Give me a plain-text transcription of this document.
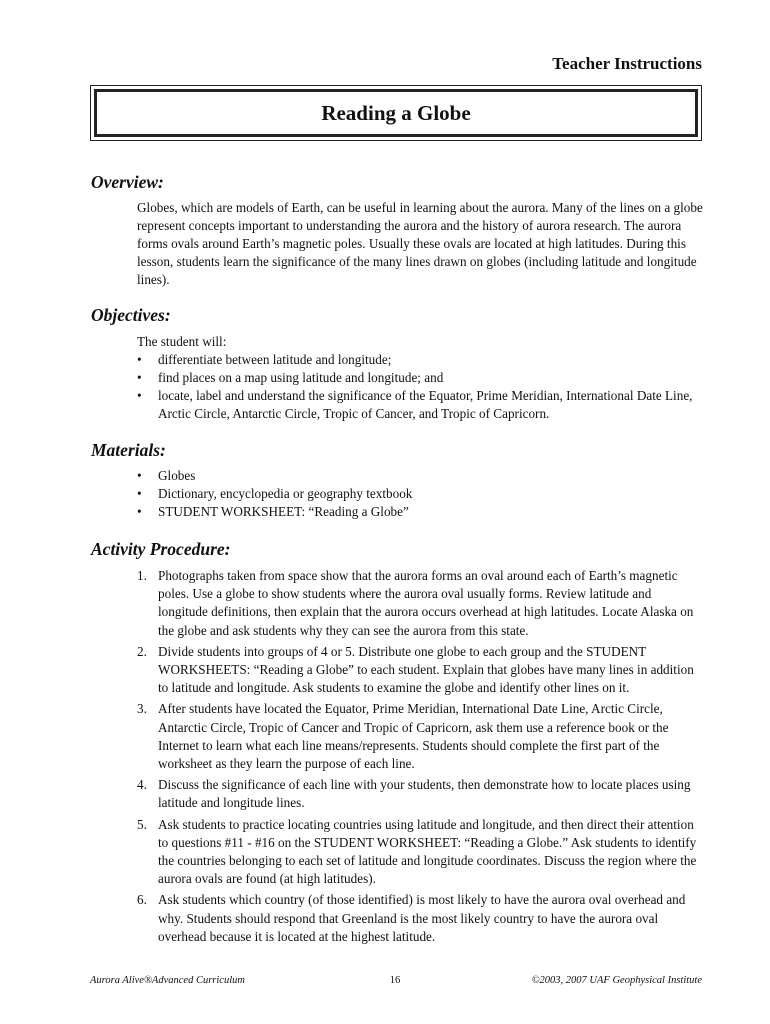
Teacher Instructions
Reading a Globe
Overview:
Globes, which are models of Earth, can be useful in learning about the aurora. Many of the lines on a globe represent concepts important to understanding the aurora and the history of aurora research. The aurora forms ovals around Earth’s magnetic poles. Usually these ovals are located at high latitudes. During this lesson, students learn the significance of the many lines drawn on globes (including latitude and longitude lines).
Objectives:
The student will:
• differentiate between latitude and longitude;
• find places on a map using latitude and longitude; and
• locate, label and understand the significance of the Equator, Prime Meridian, International Date Line, Arctic Circle, Antarctic Circle, Tropic of Cancer, and Tropic of Capricorn.
Materials:
• Globes
• Dictionary, encyclopedia or geography textbook
• STUDENT WORKSHEET: “Reading a Globe”
Activity Procedure:
1. Photographs taken from space show that the aurora forms an oval around each of Earth’s magnetic poles. Use a globe to show students where the aurora oval usually forms. Review latitude and longitude definitions, then explain that the aurora occurs overhead at high latitudes. Locate Alaska on the globe and ask students why they can see the aurora from this state.
2. Divide students into groups of 4 or 5. Distribute one globe to each group and the STUDENT WORKSHEETS: “Reading a Globe” to each student. Explain that globes have many lines in addition to latitude and longitude. Ask students to examine the globe and identify other lines on it.
3. After students have located the Equator, Prime Meridian, International Date Line, Arctic Circle, Antarctic Circle, Tropic of Cancer and Tropic of Capricorn, ask them use a reference book or the Internet to learn what each line means/represents. Students should complete the first part of the worksheet as they learn the purpose of each line.
4. Discuss the significance of each line with your students, then demonstrate how to locate places using latitude and longitude lines.
5. Ask students to practice locating countries using latitude and longitude, and then direct their attention to questions #11 - #16 on the STUDENT WORKSHEET: “Reading a Globe.” Ask students to identify the countries belonging to each set of latitude and longitude coordinates. Discuss the region where the aurora ovals are found (at high latitudes).
6. Ask students which country (of those identified) is most likely to have the aurora oval overhead and why. Students should respond that Greenland is the most likely country to have the aurora oval overhead because it is located at the highest latitude.
Aurora Alive®Advanced Curriculum	16	©2003, 2007 UAF Geophysical Institute
